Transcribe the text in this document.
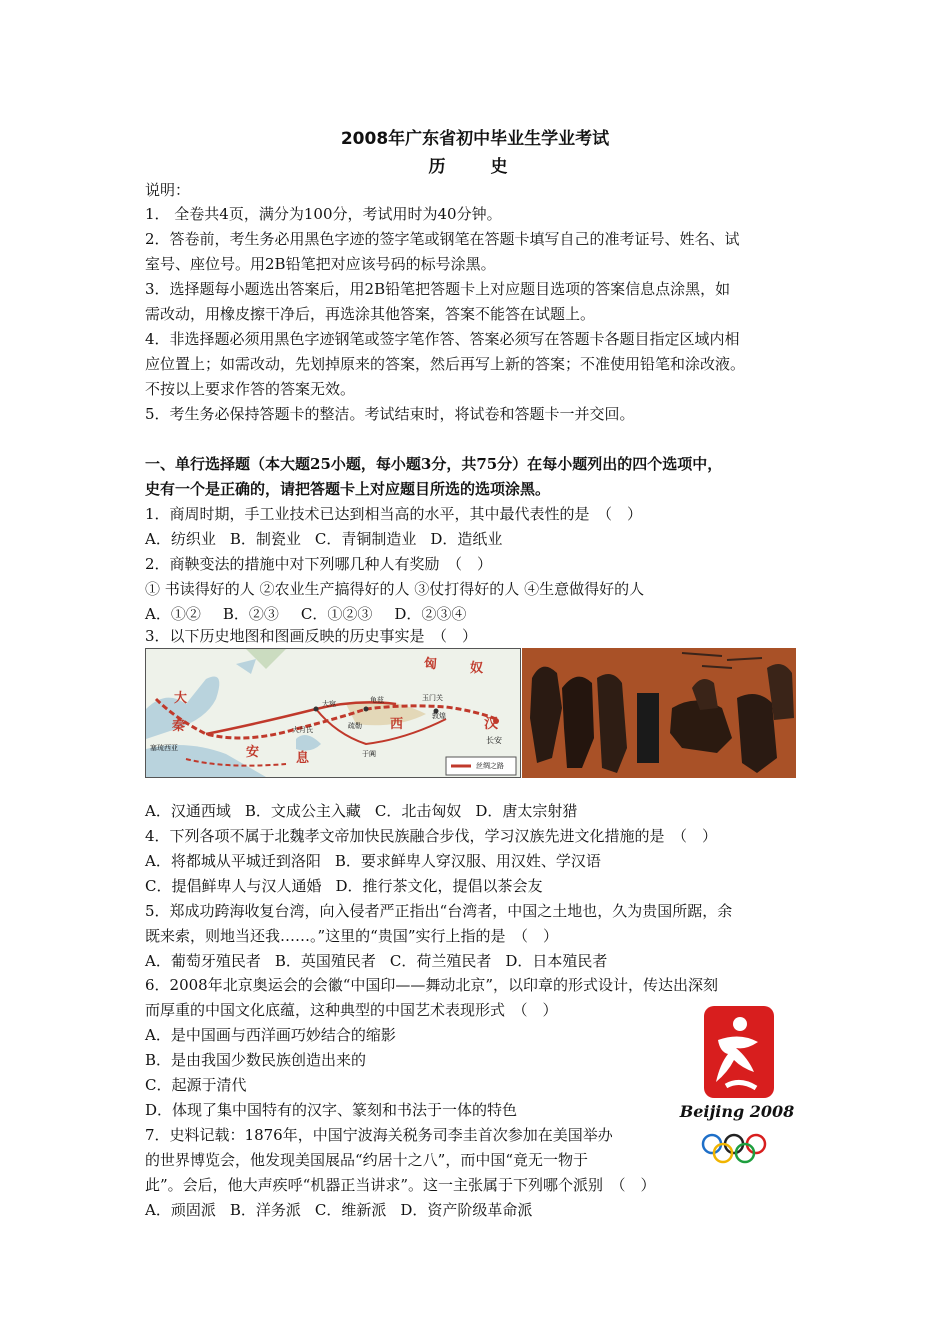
2008年广东省初中毕业生学业考试
历　史
说明：
1． 全卷共4页，满分为100分，考试用时为40分钟。
2．答卷前，考生务必用黑色字迹的签字笔或钢笔在答题卡填写自己的准考证号、姓名、试
室号、座位号。用2B铅笔把对应该号码的标号涂黑。
3．选择题每小题选出答案后，用2B铅笔把答题卡上对应题目选项的答案信息点涂黑，如
需改动，用橡皮擦干净后，再选涂其他答案，答案不能答在试题上。
4．非选择题必须用黑色字迹钢笔或签字笔作答、答案必须写在答题卡各题目指定区域内相
应位置上；如需改动，先划掉原来的答案，然后再写上新的答案；不准使用铅笔和涂改液。
不按以上要求作答的答案无效。
5．考生务必保持答题卡的整洁。考试结束时，将试卷和答题卡一并交回。
一、单行选择题（本大题25小题，每小题3分，共75分）在每小题列出的四个选项中，
史有一个是正确的，请把答题卡上对应题目所选的选项涂黑。
1．商周时期，手工业技术已达到相当高的水平，其中最代表性的是　（　）
A．纺织业 B．制瓷业 C．青铜制造业 D．造纸业
2．商鞅变法的措施中对下列哪几种人有奖励　（　）
① 书读得好的人 ②农业生产搞得好的人 ③仗打得好的人 ④生意做得好的人
A．①② B．②③ C．①②③ D．②③④
3．以下历史地图和图画反映的历史事实是　（　）
大
秦
匈	奴
安	息
西	汉
长安
敦煌
玉门关
于阗
疏勒
龟兹
大宛
大月氏
塞琉西亚
丝绸之路
A．汉通西域 B．文成公主入藏 C．北击匈奴 D．唐太宗射猎
4．下列各项不属于北魏孝文帝加快民族融合步伐，学习汉族先进文化措施的是　（　）
A．将都城从平城迁到洛阳 B．要求鲜卑人穿汉服、用汉姓、学汉语
C．提倡鲜卑人与汉人通婚 D．推行茶文化，提倡以茶会友
5．郑成功跨海收复台湾，向入侵者严正指出“台湾者，中国之土地也，久为贵国所踞，余
既来索，则地当还我……。”这里的“贵国”实行上指的是　（　）
A．葡萄牙殖民者 B．英国殖民者 C．荷兰殖民者 D．日本殖民者
6．2008年北京奥运会的会徽“中国印——舞动北京”，以印章的形式设计，传达出深刻
而厚重的中国文化底蕴，这种典型的中国艺术表现形式　（　）
A．是中国画与西洋画巧妙结合的缩影
B．是由我国少数民族创造出来的
C．起源于清代
D．体现了集中国特有的汉字、篆刻和书法于一体的特色	Beijing 2008
7．史料记载：1876年，中国宁波海关税务司李圭首次参加在美国举办
的世界博览会，他发现美国展品“约居十之八”，而中国“竟无一物于
此”。会后，他大声疾呼“机器正当讲求”。这一主张属于下列哪个派别　（　）
A．顽固派 B．洋务派 C．维新派 D．资产阶级革命派
